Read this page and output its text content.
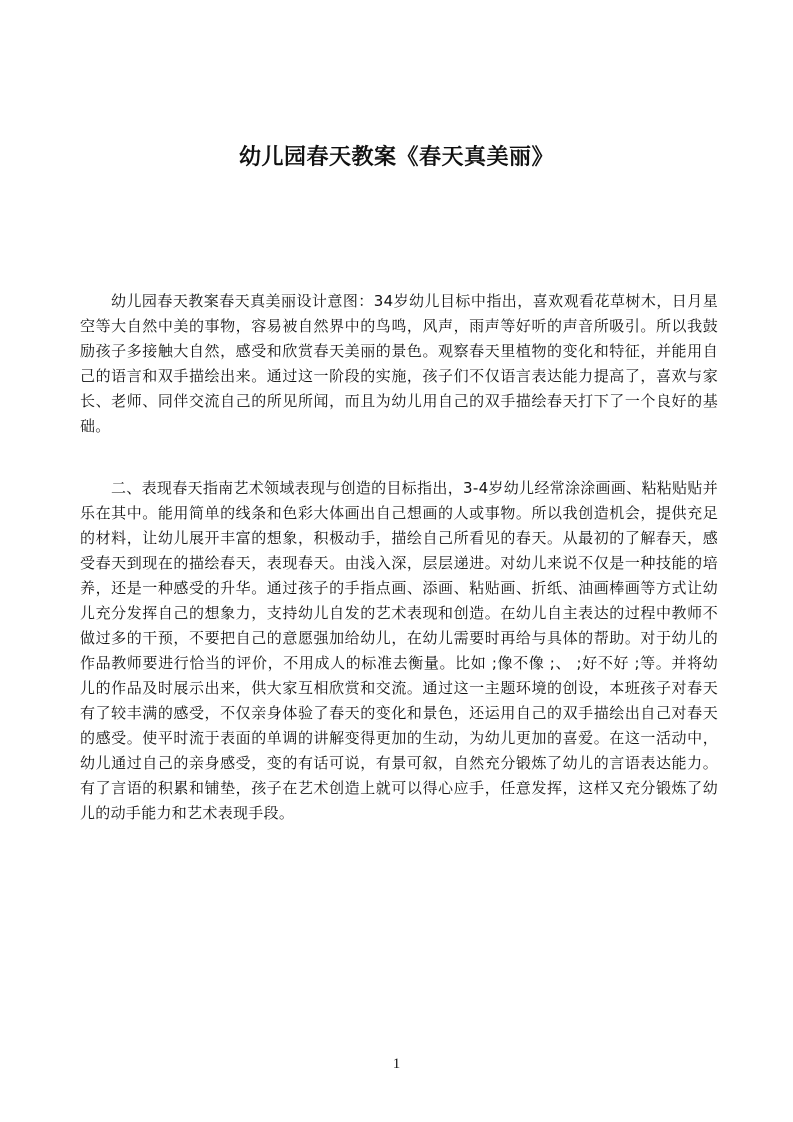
幼儿园春天教案《春天真美丽》

幼儿园春天教案春天真美丽设计意图：34岁幼儿目标中指出，喜欢观看花草树木，日月星空等大自然中美的事物，容易被自然界中的鸟鸣，风声，雨声等好听的声音所吸引。所以我鼓励孩子多接触大自然，感受和欣赏春天美丽的景色。观察春天里植物的变化和特征，并能用自己的语言和双手描绘出来。通过这一阶段的实施，孩子们不仅语言表达能力提高了，喜欢与家长、老师、同伴交流自己的所见所闻，而且为幼儿用自己的双手描绘春天打下了一个良好的基础。

二、表现春天指南艺术领域表现与创造的目标指出，3-4岁幼儿经常涂涂画画、粘粘贴贴并乐在其中。能用简单的线条和色彩大体画出自己想画的人或事物。所以我创造机会，提供充足的材料，让幼儿展开丰富的想象，积极动手，描绘自己所看见的春天。从最初的了解春天，感受春天到现在的描绘春天，表现春天。由浅入深，层层递进。对幼儿来说不仅是一种技能的培养，还是一种感受的升华。通过孩子的手指点画、添画、粘贴画、折纸、油画棒画等方式让幼儿充分发挥自己的想象力，支持幼儿自发的艺术表现和创造。在幼儿自主表达的过程中教师不做过多的干预，不要把自己的意愿强加给幼儿，在幼儿需要时再给与具体的帮助。对于幼儿的作品教师要进行恰当的评价，不用成人的标准去衡量。比如 ;像不像 ;、 ;好不好 ;等。并将幼儿的作品及时展示出来，供大家互相欣赏和交流。通过这一主题环境的创设，本班孩子对春天有了较丰满的感受，不仅亲身体验了春天的变化和景色，还运用自己的双手描绘出自己对春天的感受。使平时流于表面的单调的讲解变得更加的生动，为幼儿更加的喜爱。在这一活动中，幼儿通过自己的亲身感受，变的有话可说，有景可叙，自然充分锻炼了幼儿的言语表达能力。有了言语的积累和铺垫，孩子在艺术创造上就可以得心应手，任意发挥，这样又充分锻炼了幼儿的动手能力和艺术表现手段。

1
